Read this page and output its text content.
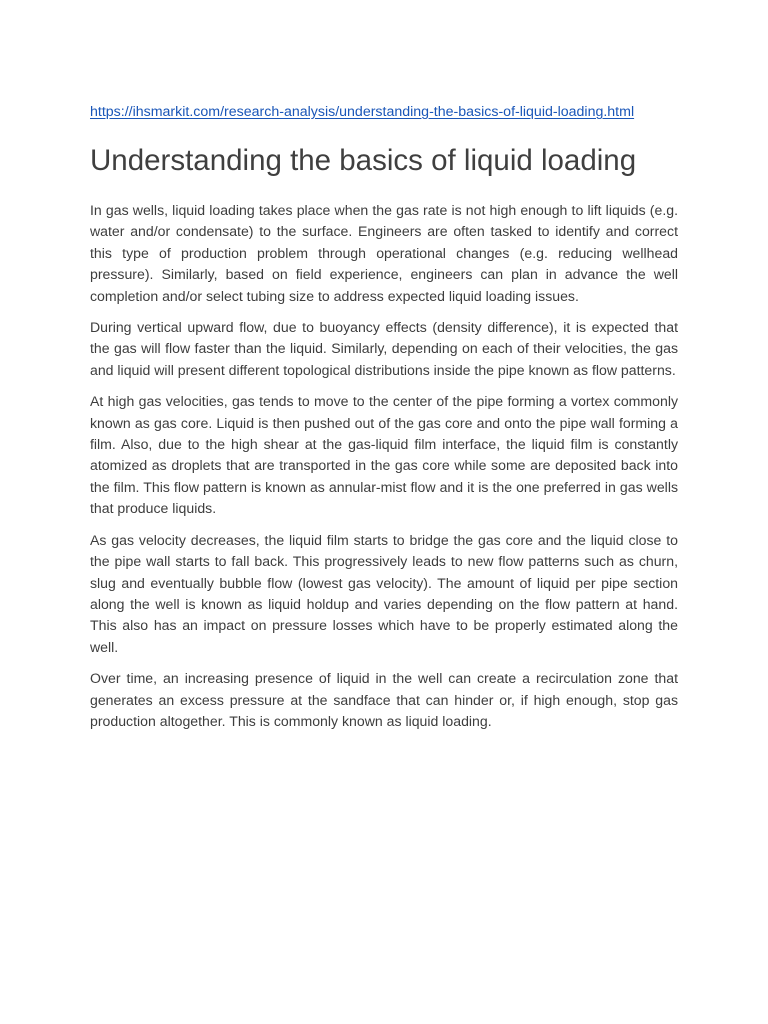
https://ihsmarkit.com/research-analysis/understanding-the-basics-of-liquid-loading.html
Understanding the basics of liquid loading

In gas wells, liquid loading takes place when the gas rate is not high enough to lift liquids (e.g. water and/or condensate) to the surface. Engineers are often tasked to identify and correct this type of production problem through operational changes (e.g. reducing wellhead pressure). Similarly, based on field experience, engineers can plan in advance the well completion and/or select tubing size to address expected liquid loading issues.

During vertical upward flow, due to buoyancy effects (density difference), it is expected that the gas will flow faster than the liquid. Similarly, depending on each of their velocities, the gas and liquid will present different topological distributions inside the pipe known as flow patterns.

At high gas velocities, gas tends to move to the center of the pipe forming a vortex commonly known as gas core. Liquid is then pushed out of the gas core and onto the pipe wall forming a film. Also, due to the high shear at the gas-liquid film interface, the liquid film is constantly atomized as droplets that are transported in the gas core while some are deposited back into the film. This flow pattern is known as annular-mist flow and it is the one preferred in gas wells that produce liquids.

As gas velocity decreases, the liquid film starts to bridge the gas core and the liquid close to the pipe wall starts to fall back. This progressively leads to new flow patterns such as churn, slug and eventually bubble flow (lowest gas velocity). The amount of liquid per pipe section along the well is known as liquid holdup and varies depending on the flow pattern at hand. This also has an impact on pressure losses which have to be properly estimated along the well.

Over time, an increasing presence of liquid in the well can create a recirculation zone that generates an excess pressure at the sandface that can hinder or, if high enough, stop gas production altogether. This is commonly known as liquid loading.
